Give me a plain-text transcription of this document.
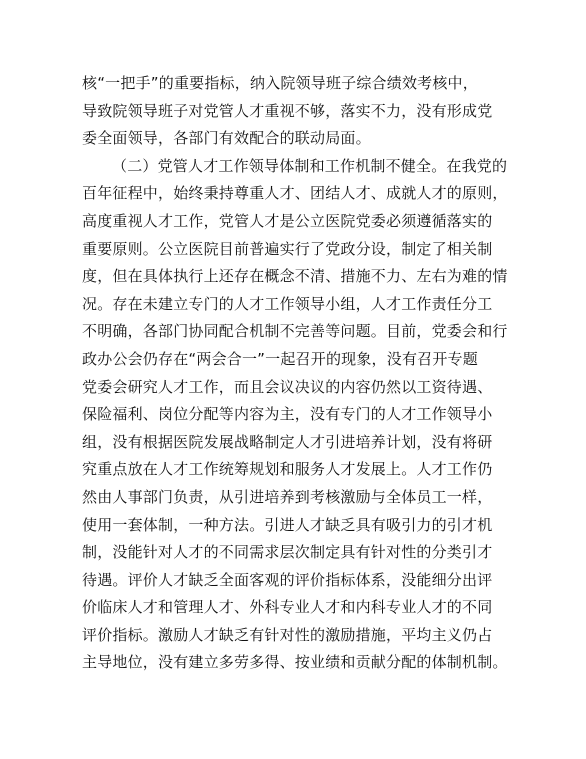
核“一把手”的重要指标，纳入院领导班子综合绩效考核中，
导致院领导班子对党管人才重视不够，落实不力，没有形成党
委全面领导，各部门有效配合的联动局面。
（二）党管人才工作领导体制和工作机制不健全。在我党的
百年征程中，始终秉持尊重人才、团结人才、成就人才的原则，
高度重视人才工作，党管人才是公立医院党委必须遵循落实的
重要原则。公立医院目前普遍实行了党政分设，制定了相关制
度，但在具体执行上还存在概念不清、措施不力、左右为难的情
况。存在未建立专门的人才工作领导小组，人才工作责任分工
不明确，各部门协同配合机制不完善等问题。目前，党委会和行
政办公会仍存在“两会合一”一起召开的现象，没有召开专题
党委会研究人才工作，而且会议决议的内容仍然以工资待遇、
保险福利、岗位分配等内容为主，没有专门的人才工作领导小
组，没有根据医院发展战略制定人才引进培养计划，没有将研
究重点放在人才工作统筹规划和服务人才发展上。人才工作仍
然由人事部门负责，从引进培养到考核激励与全体员工一样，
使用一套体制，一种方法。引进人才缺乏具有吸引力的引才机
制，没能针对人才的不同需求层次制定具有针对性的分类引才
待遇。评价人才缺乏全面客观的评价指标体系，没能细分出评
价临床人才和管理人才、外科专业人才和内科专业人才的不同
评价指标。激励人才缺乏有针对性的激励措施，平均主义仍占
主导地位，没有建立多劳多得、按业绩和贡献分配的体制机制。
